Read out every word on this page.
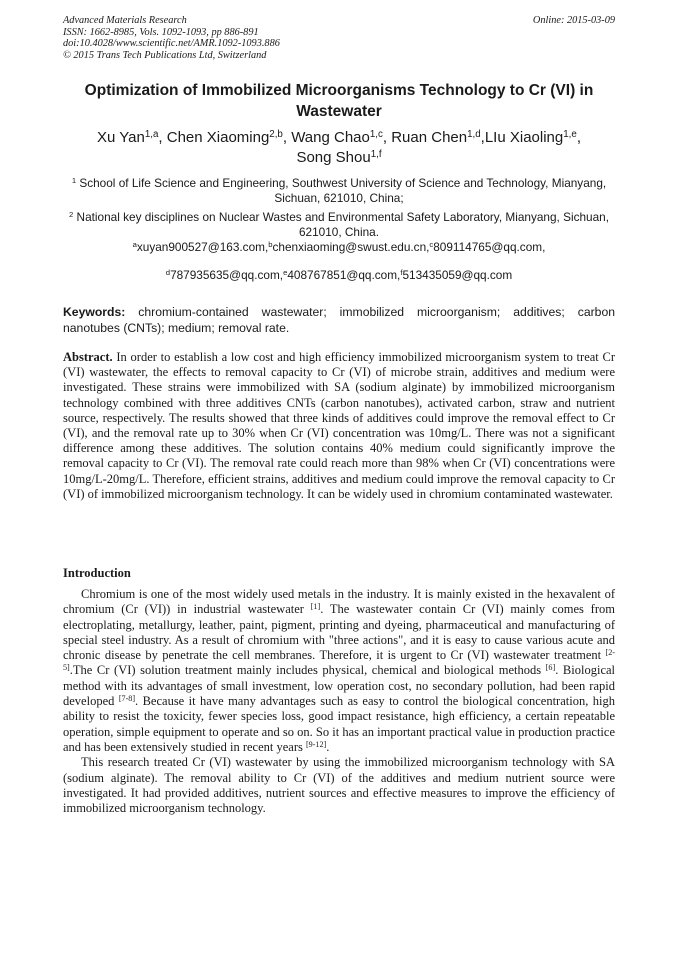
Advanced Materials Research
ISSN: 1662-8985, Vols. 1092-1093, pp 886-891
doi:10.4028/www.scientific.net/AMR.1092-1093.886
© 2015 Trans Tech Publications Ltd, Switzerland
Online: 2015-03-09
Optimization of Immobilized Microorganisms Technology to Cr (VI) in Wastewater
Xu Yan$^{1,a}$, Chen Xiaoming$^{2,b}$, Wang Chao$^{1,c}$, Ruan Chen$^{1,d}$,LIu Xiaoling$^{1,e}$,
Song Shou$^{1,f}$
$^1$ School of Life Science and Engineering, Southwest University of Science and Technology, Mianyang, Sichuan, 621010, China;
$^2$ National key disciplines on Nuclear Wastes and Environmental Safety Laboratory, Mianyang, Sichuan, 621010, China.
$^a$xuyan900527@163.com,$^b$chenxiaoming@swust.edu.cn,$^c$809114765@qq.com,
$^d$787935635@qq.com,$^e$408767851@qq.com,$^f$513435059@qq.com
Keywords: chromium-contained wastewater; immobilized microorganism; additives; carbon nanotubes (CNTs); medium; removal rate.
Abstract. In order to establish a low cost and high efficiency immobilized microorganism system to treat Cr (VI) wastewater, the effects to removal capacity to Cr (VI) of microbe strain, additives and medium were investigated. These strains were immobilized with SA (sodium alginate) by immobilized microorganism technology combined with three additives CNTs (carbon nanotubes), activated carbon, straw and nutrient source, respectively. The results showed that three kinds of additives could improve the removal effect to Cr (VI), and the removal rate up to 30% when Cr (VI) concentration was 10mg/L. There was not a significant difference among these additives. The solution contains 40% medium could significantly improve the removal capacity to Cr (VI). The removal rate could reach more than 98% when Cr (VI) concentrations were 10mg/L-20mg/L. Therefore, efficient strains, additives and medium could improve the removal capacity to Cr (VI) of immobilized microorganism technology. It can be widely used in chromium contaminated wastewater.
Introduction

Chromium is one of the most widely used metals in the industry. It is mainly existed in the hexavalent of chromium (Cr (VI)) in industrial wastewater [1]. The wastewater contain Cr (VI) mainly comes from electroplating, metallurgy, leather, paint, pigment, printing and dyeing, pharmaceutical and manufacturing of special steel industry. As a result of chromium with "three actions", and it is easy to cause various acute and chronic disease by penetrate the cell membranes. Therefore, it is urgent to Cr (VI) wastewater treatment [2-5].The Cr (VI) solution treatment mainly includes physical, chemical and biological methods [6]. Biological method with its advantages of small investment, low operation cost, no secondary pollution, had been rapid developed [7-8]. Because it have many advantages such as easy to control the biological concentration, high ability to resist the toxicity, fewer species loss, good impact resistance, high efficiency, a certain repeatable operation, simple equipment to operate and so on. So it has an important practical value in production practice and has been extensively studied in recent years [9-12].

This research treated Cr (VI) wastewater by using the immobilized microorganism technology with SA (sodium alginate). The removal ability to Cr (VI) of the additives and medium nutrient source were investigated. It had provided additives, nutrient sources and effective measures to improve the efficiency of immobilized microorganism technology.
